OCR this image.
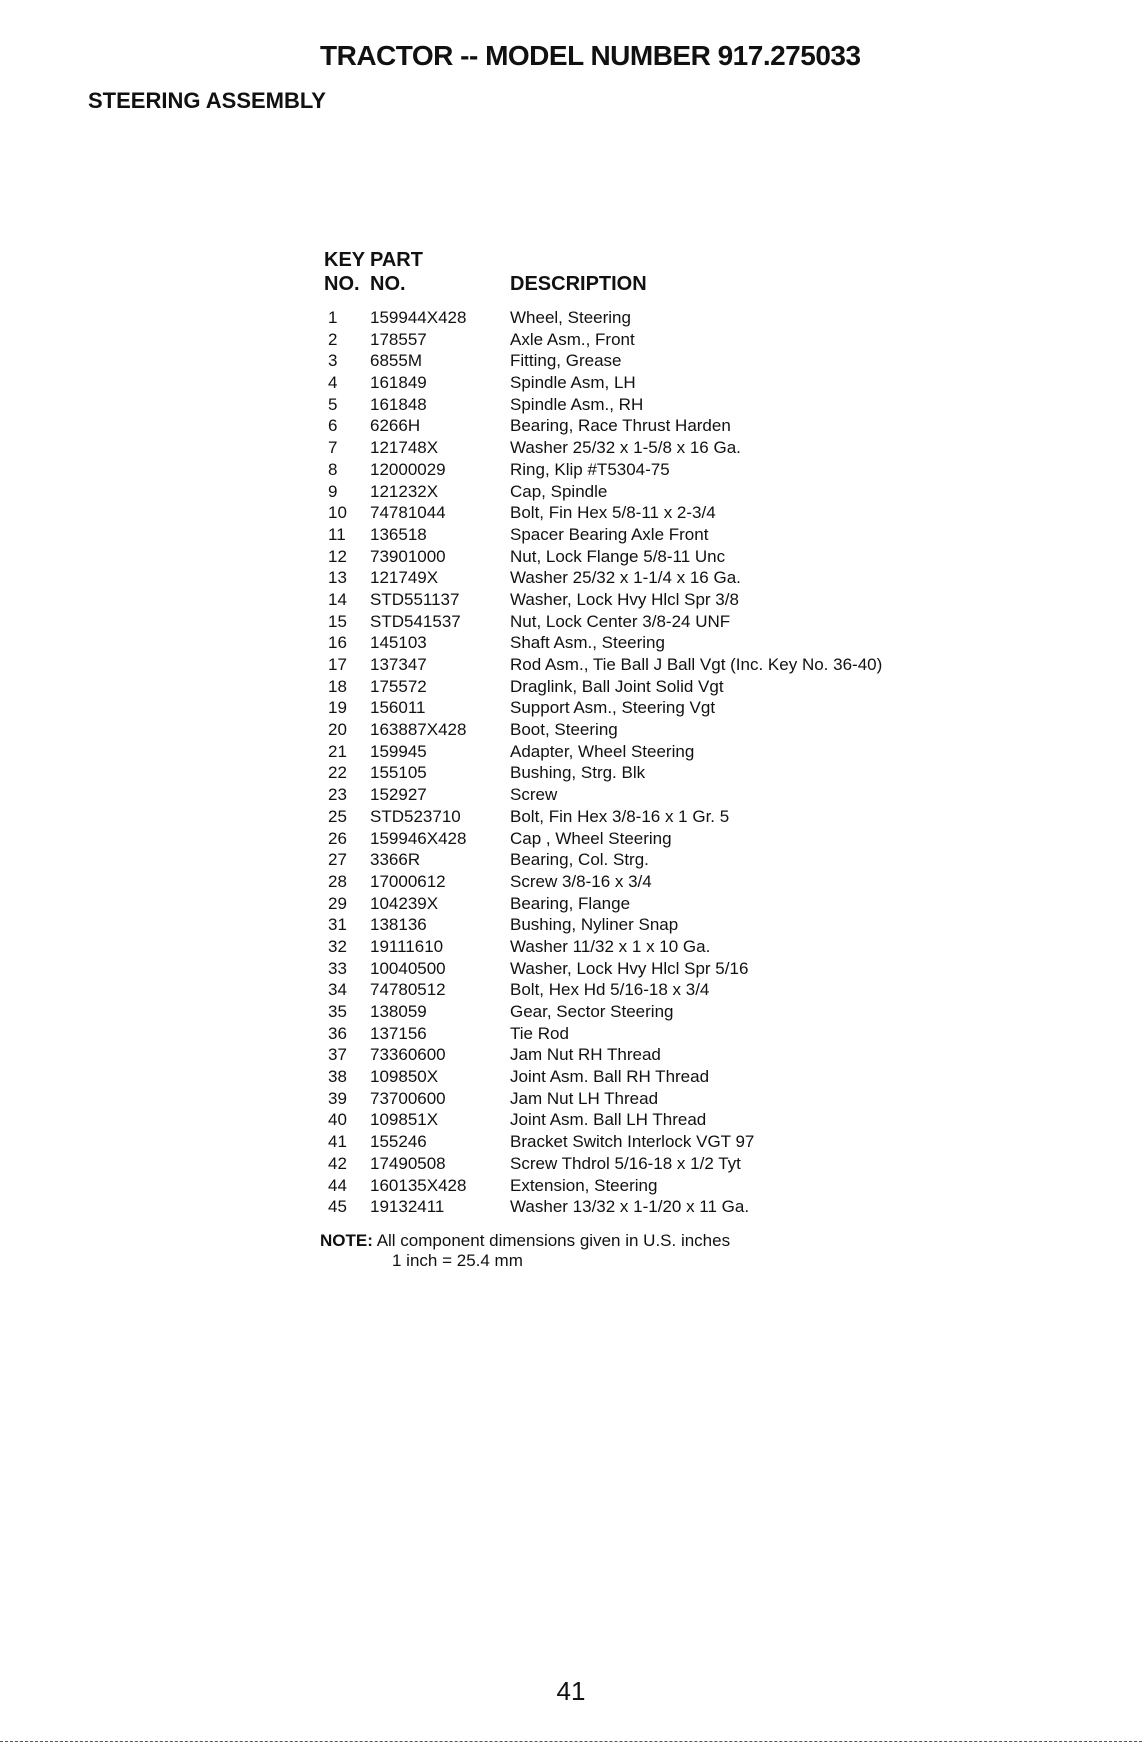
TRACTOR -- MODEL NUMBER 917.275033
STEERING ASSEMBLY
KEY
NO.
PART
NO.	DESCRIPTION
1 159944X428	Wheel, Steering
2 178557	Axle Asm., Front
3 6855M	Fitting, Grease
4 161849	Spindle Asm, LH
5 161848	Spindle Asm., RH
6 6266H	Bearing, Race Thrust Harden
7 121748X	Washer 25/32 x 1-5/8 x 16 Ga.
8 12000029	Ring, Klip #T5304-75
9 121232X	Cap, Spindle
10 74781044	Bolt, Fin Hex 5/8-11 x 2-3/4
11 136518	Spacer Bearing Axle Front
12 73901000	Nut, Lock Flange 5/8-11 Unc
13 121749X	Washer 25/32 x 1-1/4 x 16 Ga.
14 STD551137	Washer, Lock Hvy Hlcl Spr 3/8
15 STD541537	Nut, Lock Center 3/8-24 UNF
16 145103	Shaft Asm., Steering
17 137347	Rod Asm., Tie Ball J Ball Vgt (Inc. Key No. 36-40)
18 175572	Draglink, Ball Joint Solid Vgt
19 156011	Support Asm., Steering Vgt
20 163887X428	Boot, Steering
21 159945	Adapter, Wheel Steering
22 155105	Bushing, Strg. Blk
23 152927	Screw
25 STD523710	Bolt, Fin Hex 3/8-16 x 1 Gr. 5
26 159946X428	Cap , Wheel Steering
27 3366R	Bearing, Col. Strg.
28 17000612	Screw 3/8-16 x 3/4
29 104239X	Bearing, Flange
31 138136	Bushing, Nyliner Snap
32 19111610	Washer 11/32 x 1 x 10 Ga.
33 10040500	Washer, Lock Hvy Hlcl Spr 5/16
34 74780512	Bolt, Hex Hd 5/16-18 x 3/4
35 138059	Gear, Sector Steering
36 137156	Tie Rod
37 73360600	Jam Nut RH Thread
38 109850X	Joint Asm. Ball RH Thread
39 73700600	Jam Nut LH Thread
40 109851X	Joint Asm. Ball LH Thread
41 155246	Bracket Switch Interlock VGT 97
42 17490508	Screw Thdrol 5/16-18 x 1/2 Tyt
44 160135X428	Extension, Steering
45 19132411	Washer 13/32 x 1-1/20 x 11 Ga.
NOTE: All component dimensions given in U.S. inches
1 inch = 25.4 mm
41
